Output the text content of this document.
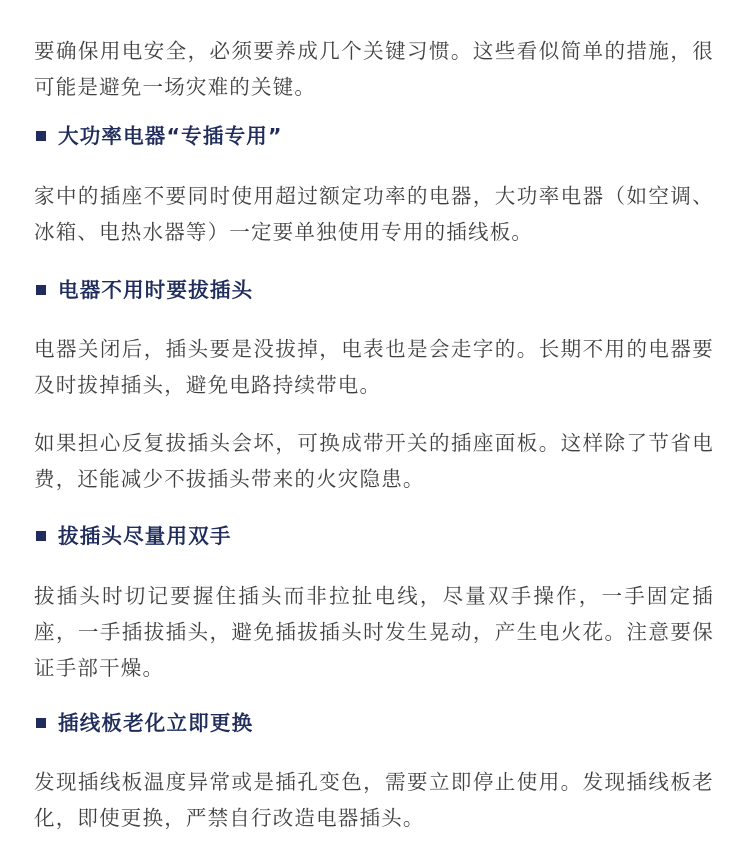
要确保用电安全，必须要养成几个关键习惯。这些看似简单的措施，很可能是避免一场灾难的关键。

大功率电器“专插专用”

家中的插座不要同时使用超过额定功率的电器，大功率电器（如空调、冰箱、电热水器等）一定要单独使用专用的插线板。

电器不用时要拔插头

电器关闭后，插头要是没拔掉，电表也是会走字的。长期不用的电器要及时拔掉插头，避免电路持续带电。

如果担心反复拔插头会坏，可换成带开关的插座面板。这样除了节省电费，还能减少不拔插头带来的火灾隐患。

拔插头尽量用双手

拔插头时切记要握住插头而非拉扯电线，尽量双手操作，一手固定插座，一手插拔插头，避免插拔插头时发生晃动，产生电火花。注意要保证手部干燥。

插线板老化立即更换

发现插线板温度异常或是插孔变色，需要立即停止使用。发现插线板老化，即使更换，严禁自行改造电器插头。
